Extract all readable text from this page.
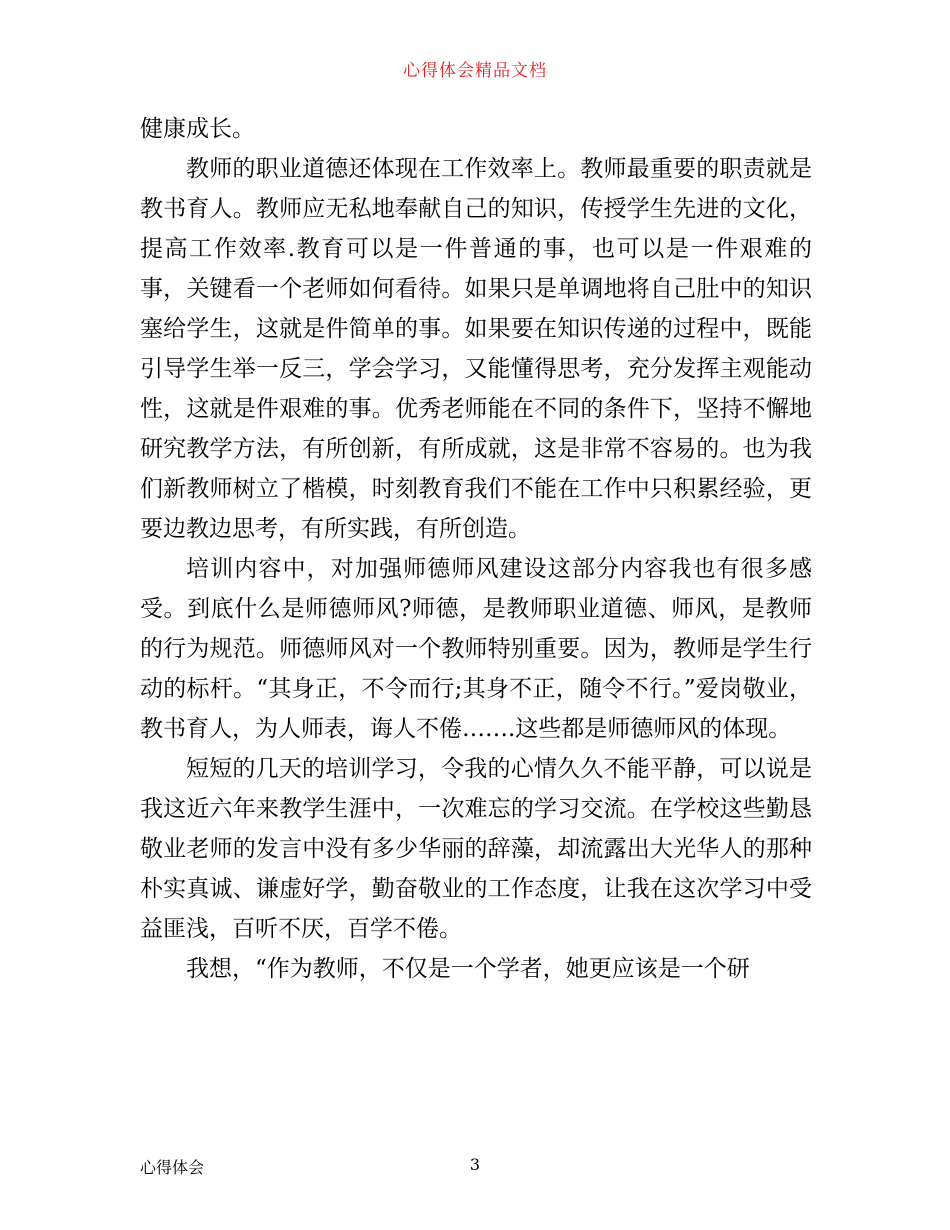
心得体会精品文档

健康成长。

教师的职业道德还体现在工作效率上。教师最重要的职责就是教书育人。教师应无私地奉献自己的知识，传授学生先进的文化，提高工作效率.教育可以是一件普通的事，也可以是一件艰难的事，关键看一个老师如何看待。如果只是单调地将自己肚中的知识塞给学生，这就是件简单的事。如果要在知识传递的过程中，既能引导学生举一反三，学会学习，又能懂得思考，充分发挥主观能动性，这就是件艰难的事。优秀老师能在不同的条件下，坚持不懈地研究教学方法，有所创新，有所成就，这是非常不容易的。也为我们新教师树立了楷模，时刻教育我们不能在工作中只积累经验，更要边教边思考，有所实践，有所创造。

培训内容中，对加强师德师风建设这部分内容我也有很多感受。到底什么是师德师风?师德，是教师职业道德、师风，是教师的行为规范。师德师风对一个教师特别重要。因为，教师是学生行动的标杆。“其身正，不令而行;其身不正，随令不行。”爱岗敬业，教书育人，为人师表，诲人不倦…….这些都是师德师风的体现。

短短的几天的培训学习，令我的心情久久不能平静，可以说是我这近六年来教学生涯中，一次难忘的学习交流。在学校这些勤恳敬业老师的发言中没有多少华丽的辞藻，却流露出大光华人的那种朴实真诚、谦虚好学，勤奋敬业的工作态度，让我在这次学习中受益匪浅，百听不厌，百学不倦。

我想，“作为教师，不仅是一个学者，她更应该是一个研

心得体会	3
